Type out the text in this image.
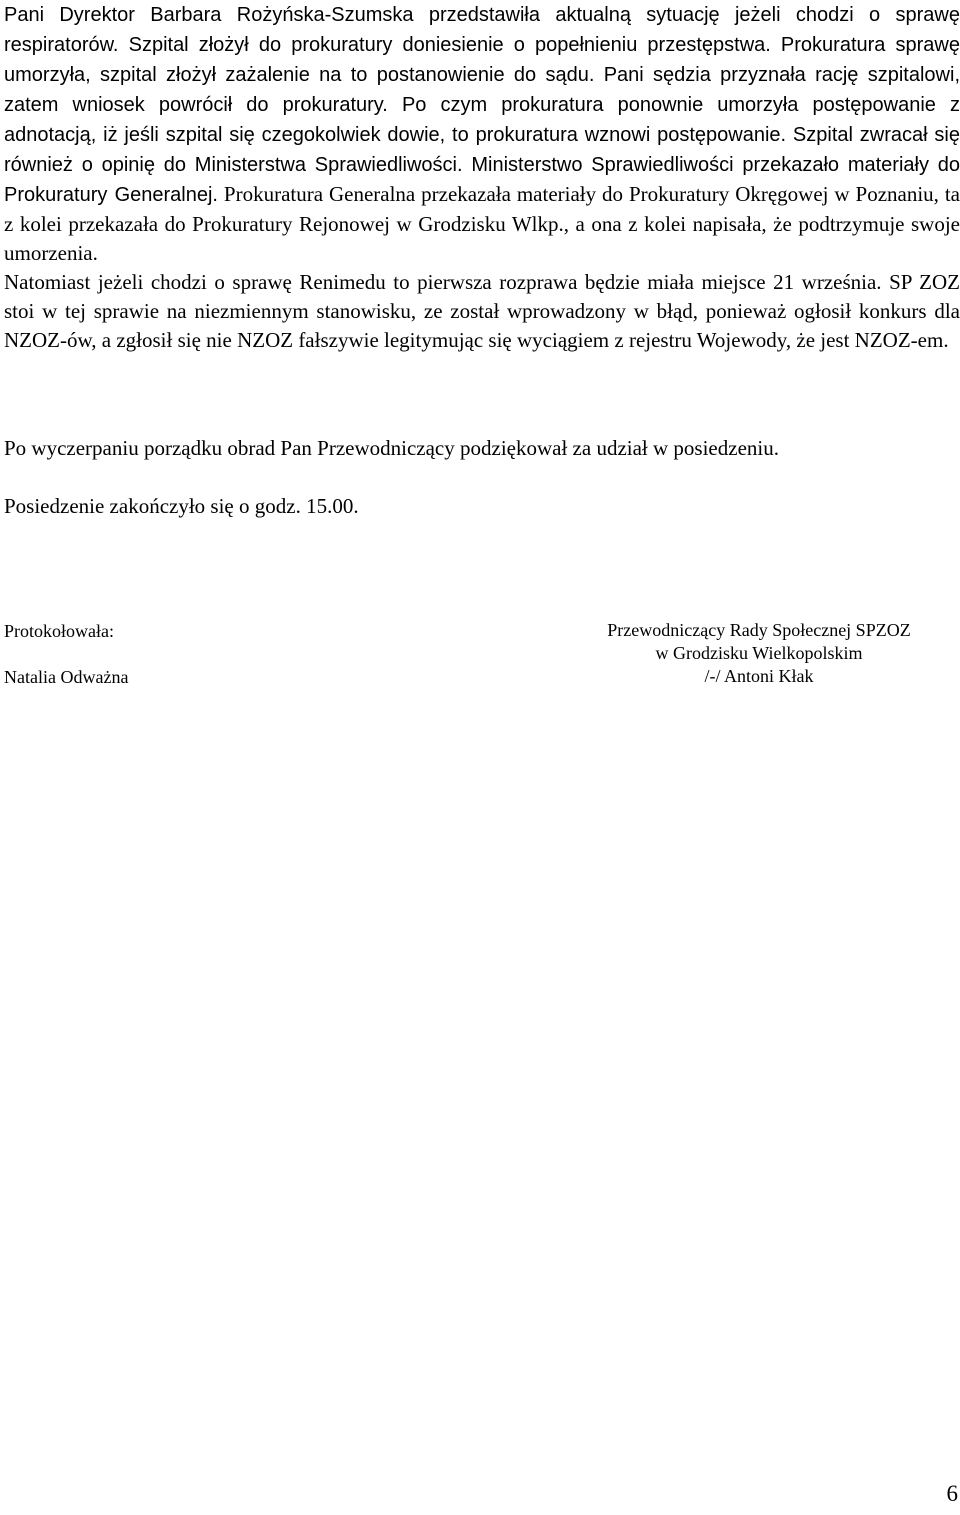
Pani Dyrektor Barbara Rożyńska-Szumska przedstawiła aktualną sytuację jeżeli chodzi o sprawę respiratorów. Szpital złożył do prokuratury doniesienie o popełnieniu przestępstwa. Prokuratura sprawę umorzyła, szpital złożył zażalenie na to postanowienie do sądu. Pani sędzia przyznała rację szpitalowi, zatem wniosek powrócił do prokuratury. Po czym prokuratura ponownie umorzyła postępowanie z adnotacją, iż jeśli szpital się czegokolwiek dowie, to prokuratura wznowi postępowanie. Szpital zwracał się również o opinię do Ministerstwa Sprawiedliwości. Ministerstwo Sprawiedliwości przekazało materiały do Prokuratury Generalnej. Prokuratura Generalna przekazała materiały do Prokuratury Okręgowej w Poznaniu, ta z kolei przekazała do Prokuratury Rejonowej w Grodzisku Wlkp., a ona z kolei napisała, że podtrzymuje swoje umorzenia.

Natomiast jeżeli chodzi o sprawę Renimedu to pierwsza rozprawa będzie miała miejsce 21 września. SP ZOZ stoi w tej sprawie na niezmiennym stanowisku, ze został wprowadzony w błąd, ponieważ ogłosił konkurs dla NZOZ-ów, a zgłosił się nie NZOZ fałszywie legitymując się wyciągiem z rejestru Wojewody, że jest NZOZ-em.

Po wyczerpaniu porządku obrad Pan Przewodniczący podziękował za udział w posiedzeniu.
Posiedzenie zakończyło się o godz. 15.00.
Protokołowała:
Natalia Odważna
Przewodniczący Rady Społecznej SPZOZ
w Grodzisku Wielkopolskim
/-/ Antoni Kłak
6
